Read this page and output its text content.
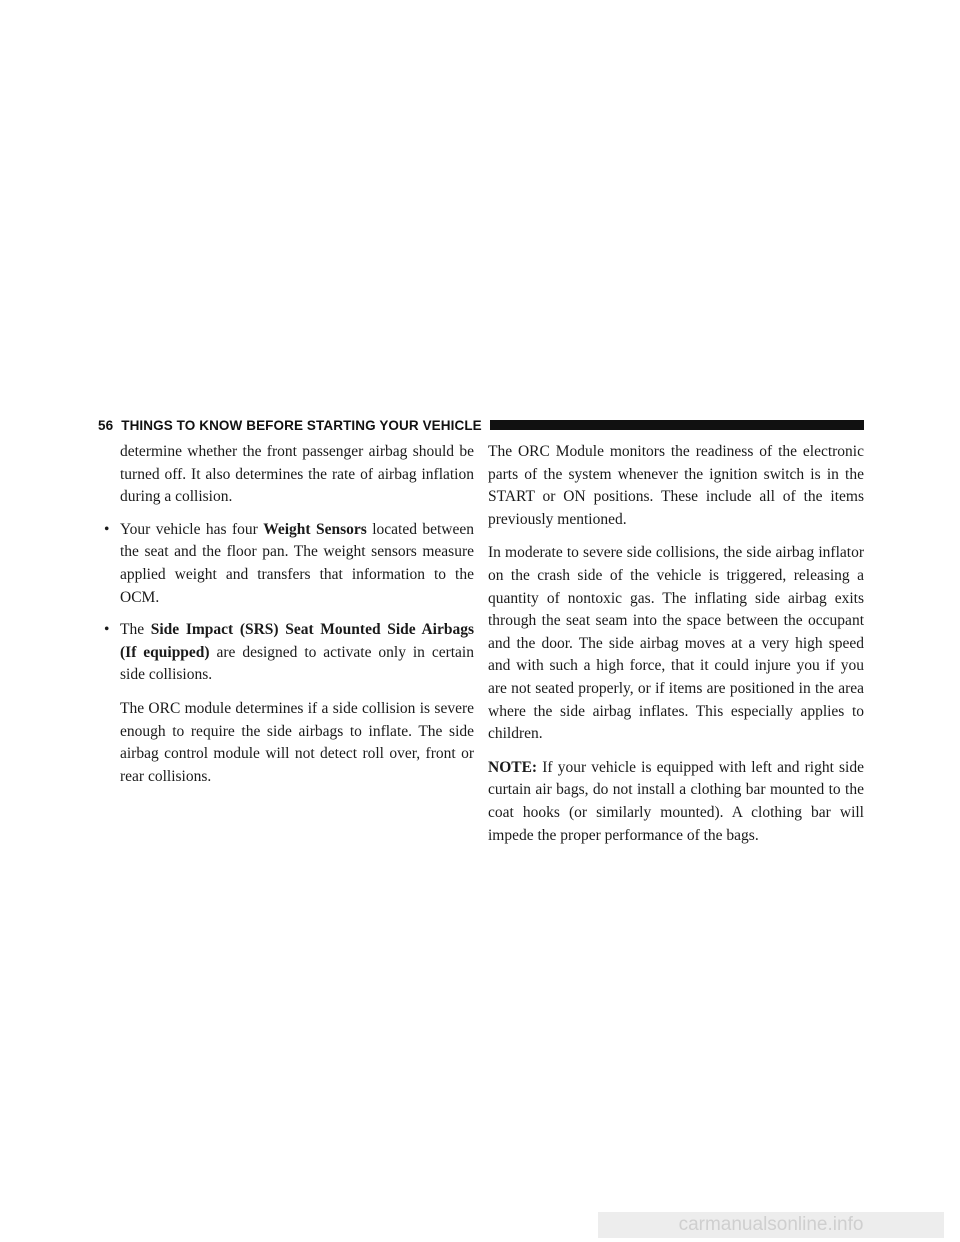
56 THINGS TO KNOW BEFORE STARTING YOUR VEHICLE

determine whether the front passenger airbag should be turned off. It also determines the rate of airbag inflation during a collision.

• Your vehicle has four Weight Sensors located between the seat and the floor pan. The weight sensors measure applied weight and transfers that information to the OCM.
• The Side Impact (SRS) Seat Mounted Side Airbags (If equipped) are designed to activate only in certain side collisions.

The ORC module determines if a side collision is severe enough to require the side airbags to inflate. The side airbag control module will not detect roll over, front or rear collisions.

The ORC Module monitors the readiness of the electronic parts of the system whenever the ignition switch is in the START or ON positions. These include all of the items previously mentioned.

In moderate to severe side collisions, the side airbag inflator on the crash side of the vehicle is triggered, releasing a quantity of nontoxic gas. The inflating side airbag exits through the seat seam into the space between the occupant and the door. The side airbag moves at a very high speed and with such a high force, that it could injure you if you are not seated properly, or if items are positioned in the area where the side airbag inflates. This especially applies to children.

NOTE: If your vehicle is equipped with left and right side curtain air bags, do not install a clothing bar mounted to the coat hooks (or similarly mounted). A clothing bar will impede the proper performance of the bags.

carmanualsonline.info
